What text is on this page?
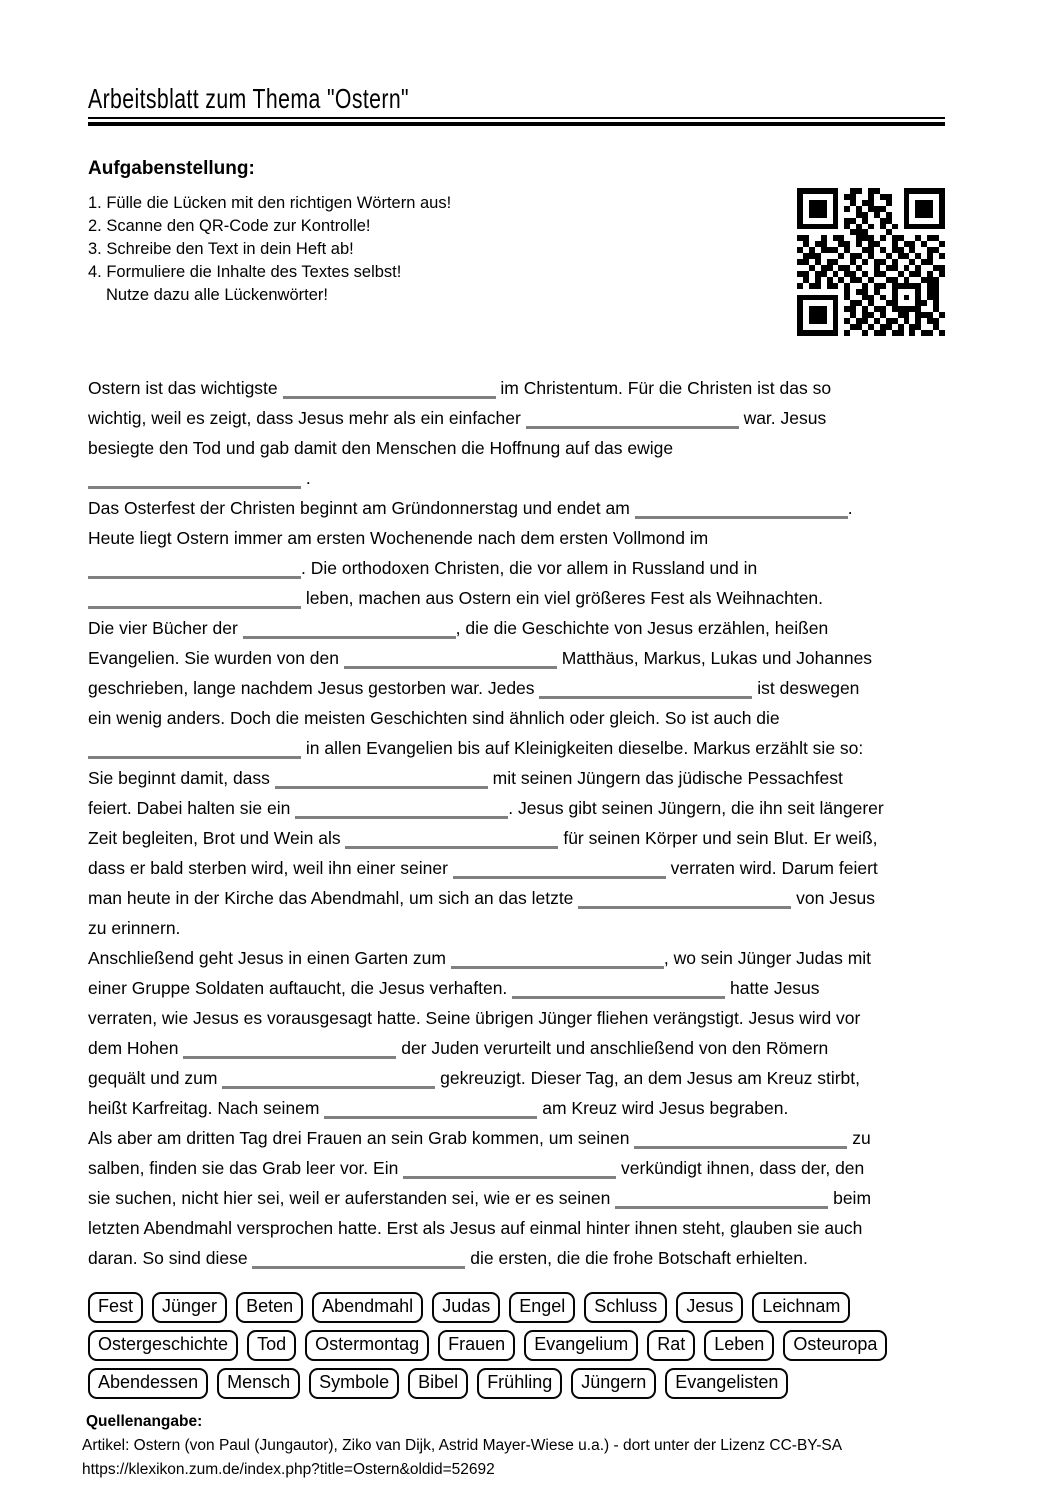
Arbeitsblatt zum Thema "Ostern"
Aufgabenstellung:
1. Fülle die Lücken mit den richtigen Wörtern aus!
2. Scanne den QR-Code zur Kontrolle!
3. Schreibe den Text in dein Heft ab!
4. Formuliere die Inhalte des Textes selbst!
Nutze dazu alle Lückenwörter!
Ostern ist das wichtigste	im Christentum. Für die Christen ist das so
wichtig, weil es zeigt, dass Jesus mehr als ein einfacher	war. Jesus
besiegte den Tod und gab damit den Menschen die Hoffnung auf das ewige
.
Das Osterfest der Christen beginnt am Gründonnerstag und endet am	.
Heute liegt Ostern immer am ersten Wochenende nach dem ersten Vollmond im
. Die orthodoxen Christen, die vor allem in Russland und in
leben, machen aus Ostern ein viel größeres Fest als Weihnachten.
Die vier Bücher der	, die die Geschichte von Jesus erzählen, heißen
Evangelien. Sie wurden von den	Matthäus, Markus, Lukas und Johannes
geschrieben, lange nachdem Jesus gestorben war. Jedes	ist deswegen
ein wenig anders. Doch die meisten Geschichten sind ähnlich oder gleich. So ist auch die
in allen Evangelien bis auf Kleinigkeiten dieselbe. Markus erzählt sie so:
Sie beginnt damit, dass	mit seinen Jüngern das jüdische Pessachfest
feiert. Dabei halten sie ein	. Jesus gibt seinen Jüngern, die ihn seit längerer
Zeit begleiten, Brot und Wein als	für seinen Körper und sein Blut. Er weiß,
dass er bald sterben wird, weil ihn einer seiner	verraten wird. Darum feiert
man heute in der Kirche das Abendmahl, um sich an das letzte	von Jesus
zu erinnern.
Anschließend geht Jesus in einen Garten zum	, wo sein Jünger Judas mit
einer Gruppe Soldaten auftaucht, die Jesus verhaften.	hatte Jesus
verraten, wie Jesus es vorausgesagt hatte. Seine übrigen Jünger fliehen verängstigt. Jesus wird vor
dem Hohen	der Juden verurteilt und anschließend von den Römern
gequält und zum	gekreuzigt. Dieser Tag, an dem Jesus am Kreuz stirbt,
heißt Karfreitag. Nach seinem	am Kreuz wird Jesus begraben.
Als aber am dritten Tag drei Frauen an sein Grab kommen, um seinen	zu
salben, finden sie das Grab leer vor. Ein	verkündigt ihnen, dass der, den
sie suchen, nicht hier sei, weil er auferstanden sei, wie er es seinen	beim
letzten Abendmahl versprochen hatte. Erst als Jesus auf einmal hinter ihnen steht, glauben sie auch
daran. So sind diese	die ersten, die die frohe Botschaft erhielten.
Fest Jünger Beten Abendmahl Judas Engel Schluss Jesus Leichnam
Ostergeschichte Tod Ostermontag Frauen Evangelium Rat Leben Osteuropa
Abendessen Mensch Symbole Bibel Frühling Jüngern Evangelisten
Quellenangabe:
Artikel: Ostern (von Paul (Jungautor), Ziko van Dijk, Astrid Mayer-Wiese u.a.) - dort unter der Lizenz CC-BY-SA
https://klexikon.zum.de/index.php?title=Ostern&oldid=52692
